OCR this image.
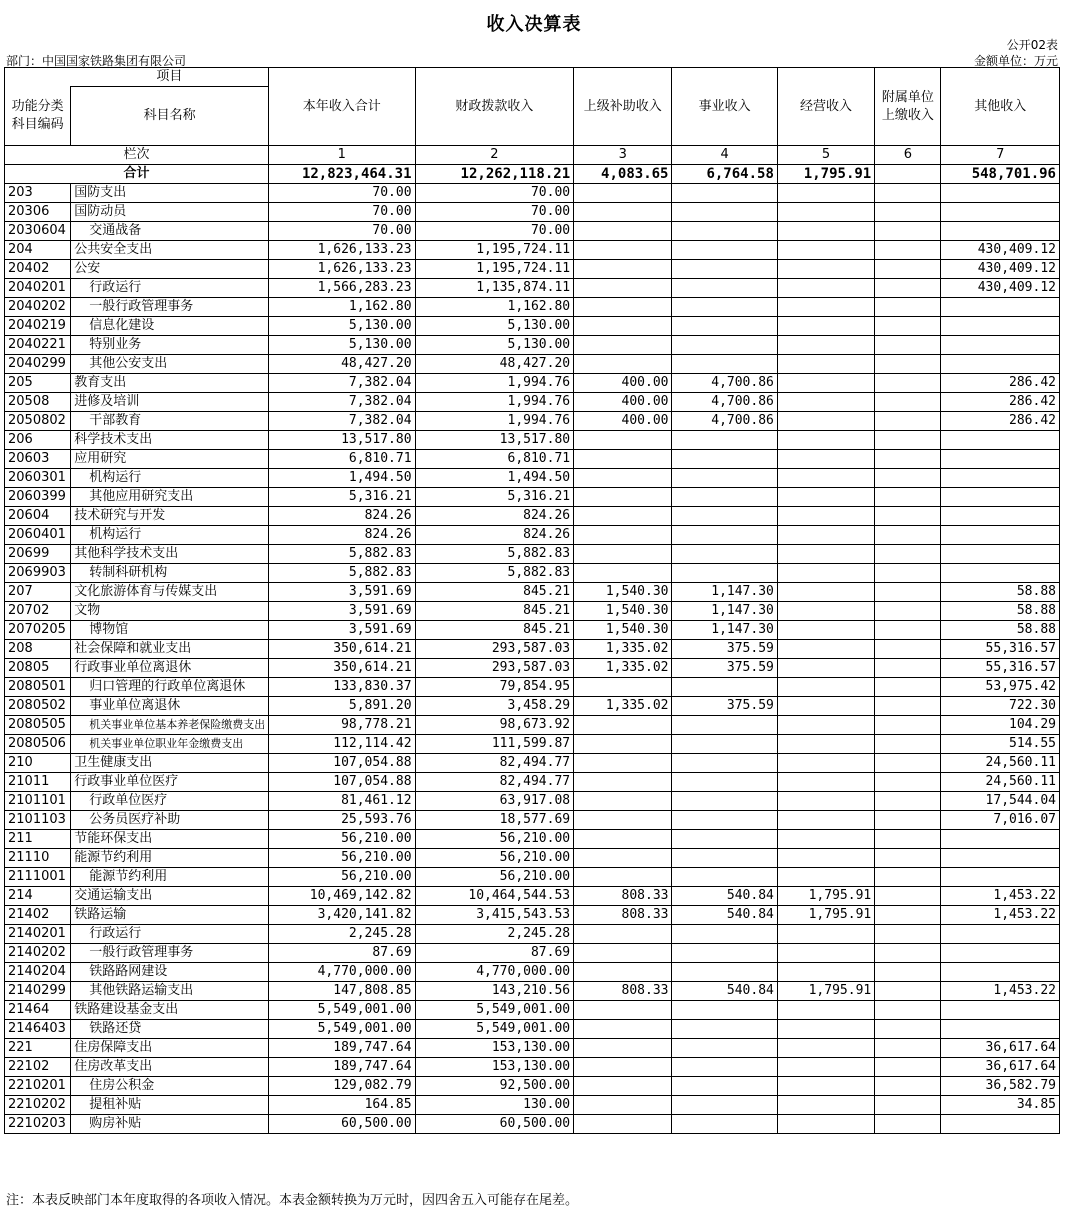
收入决算表
公开02表
部门：中国国家铁路集团有限公司	金额单位：万元
	项目	本年收入合计	财政拨款收入	上级补助收入	事业收入	经营收入	附属单位上缴收入	其他收入
功能分类科目编码	科目名称							
栏次		1	2	3	4	5	6	7
合计		12,823,464.31	12,262,118.21	4,083.65	6,764.58	1,795.91		548,701.96
203	国防支出	70.00	70.00					
20306	国防动员	70.00	70.00					
2030604	交通战备	70.00	70.00					
204	公共安全支出	1,626,133.23	1,195,724.11					430,409.12
20402	公安	1,626,133.23	1,195,724.11					430,409.12
2040201	行政运行	1,566,283.23	1,135,874.11					430,409.12
2040202	一般行政管理事务	1,162.80	1,162.80					
2040219	信息化建设	5,130.00	5,130.00					
2040221	特别业务	5,130.00	5,130.00					
2040299	其他公安支出	48,427.20	48,427.20					
205	教育支出	7,382.04	1,994.76	400.00	4,700.86			286.42
20508	进修及培训	7,382.04	1,994.76	400.00	4,700.86			286.42
2050802	干部教育	7,382.04	1,994.76	400.00	4,700.86			286.42
206	科学技术支出	13,517.80	13,517.80					
20603	应用研究	6,810.71	6,810.71					
2060301	机构运行	1,494.50	1,494.50					
2060399	其他应用研究支出	5,316.21	5,316.21					
20604	技术研究与开发	824.26	824.26					
2060401	机构运行	824.26	824.26					
20699	其他科学技术支出	5,882.83	5,882.83					
2069903	转制科研机构	5,882.83	5,882.83					
207	文化旅游体育与传媒支出	3,591.69	845.21	1,540.30	1,147.30			58.88
20702	文物	3,591.69	845.21	1,540.30	1,147.30			58.88
2070205	博物馆	3,591.69	845.21	1,540.30	1,147.30			58.88
208	社会保障和就业支出	350,614.21	293,587.03	1,335.02	375.59			55,316.57
20805	行政事业单位离退休	350,614.21	293,587.03	1,335.02	375.59			55,316.57
2080501	归口管理的行政单位离退休	133,830.37	79,854.95					53,975.42
2080502	事业单位离退休	5,891.20	3,458.29	1,335.02	375.59			722.30
2080505	机关事业单位基本养老保险缴费支出	98,778.21	98,673.92					104.29
2080506	机关事业单位职业年金缴费支出	112,114.42	111,599.87					514.55
210	卫生健康支出	107,054.88	82,494.77					24,560.11
21011	行政事业单位医疗	107,054.88	82,494.77					24,560.11
2101101	行政单位医疗	81,461.12	63,917.08					17,544.04
2101103	公务员医疗补助	25,593.76	18,577.69					7,016.07
211	节能环保支出	56,210.00	56,210.00					
21110	能源节约利用	56,210.00	56,210.00					
2111001	能源节约利用	56,210.00	56,210.00					
214	交通运输支出	10,469,142.82	10,464,544.53	808.33	540.84	1,795.91		1,453.22
21402	铁路运输	3,420,141.82	3,415,543.53	808.33	540.84	1,795.91		1,453.22
2140201	行政运行	2,245.28	2,245.28					
2140202	一般行政管理事务	87.69	87.69					
2140204	铁路路网建设	4,770,000.00	4,770,000.00					
2140299	其他铁路运输支出	147,808.85	143,210.56	808.33	540.84	1,795.91		1,453.22
21464	铁路建设基金支出	5,549,001.00	5,549,001.00					
2146403	铁路还贷	5,549,001.00	5,549,001.00					
221	住房保障支出	189,747.64	153,130.00					36,617.64
22102	住房改革支出	189,747.64	153,130.00					36,617.64
2210201	住房公积金	129,082.79	92,500.00					36,582.79
2210202	提租补贴	164.85	130.00					34.85
2210203	购房补贴	60,500.00	60,500.00					
注：本表反映部门本年度取得的各项收入情况。本表金额转换为万元时，因四舍五入可能存在尾差。
